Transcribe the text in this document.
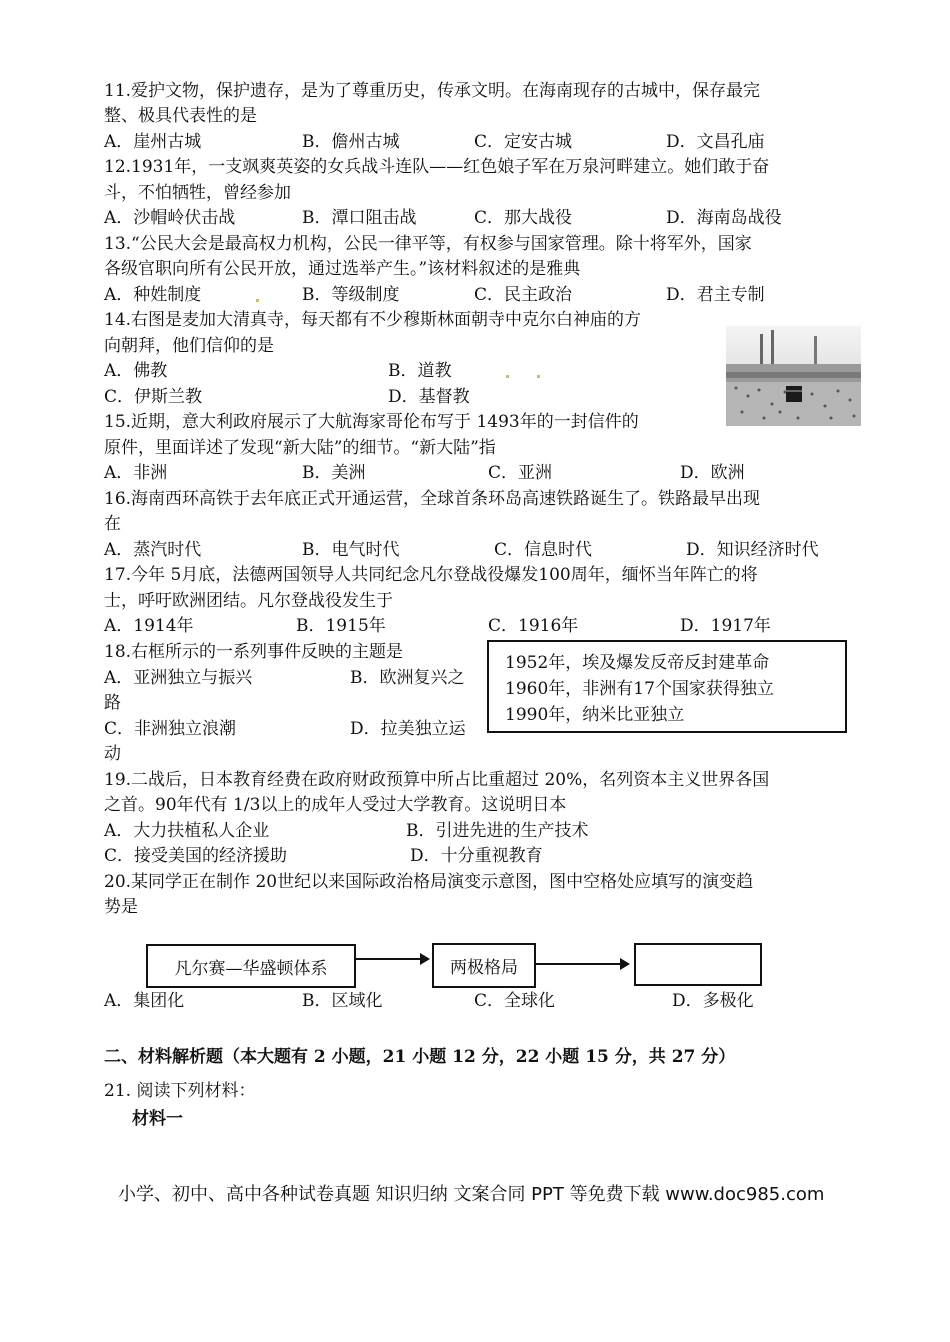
11.爱护文物，保护遗存，是为了尊重历史，传承文明。在海南现存的古城中，保存最完
整、极具代表性的是
A．崖州古城	B．儋州古城	C．定安古城	D．文昌孔庙
12.1931年，一支飒爽英姿的女兵战斗连队——红色娘子军在万泉河畔建立。她们敢于奋
斗，不怕牺牲，曾经参加
A．沙帽岭伏击战	B．潭口阻击战	C．那大战役	D．海南岛战役
13.“公民大会是最高权力机构，公民一律平等，有权参与国家管理。除十将军外，国家
各级官职向所有公民开放，通过选举产生。”该材料叙述的是雅典
A．种姓制度	B．等级制度	C．民主政治	D．君主专制
14.右图是麦加大清真寺，每天都有不少穆斯林面朝寺中克尔白神庙的方
向朝拜，他们信仰的是
A．佛教	B．道教
C．伊斯兰教	D．基督教
15.近期，意大利政府展示了大航海家哥伦布写于 1493年的一封信件的
原件，里面详述了发现“新大陆”的细节。“新大陆”指
A．非洲	B．美洲	C．亚洲	D．欧洲
16.海南西环高铁于去年底正式开通运营，全球首条环岛高速铁路诞生了。铁路最早出现
在
A．蒸汽时代	B．电气时代	C．信息时代	D．知识经济时代
17.今年 5月底，法德两国领导人共同纪念凡尔登战役爆发100周年，缅怀当年阵亡的将
士，呼吁欧洲团结。凡尔登战役发生于
A．1914年	B．1915年	C．1916年	D．1917年
18.右框所示的一系列事件反映的主题是
A．亚洲独立与振兴	B．欧洲复兴之
路
C．非洲独立浪潮	D．拉美独立运
动
1952年，埃及爆发反帝反封建革命
1960年，非洲有17个国家获得独立
1990年，纳米比亚独立
19.二战后，日本教育经费在政府财政预算中所占比重超过 20%，名列资本主义世界各国
之首。90年代有 1/3以上的成年人受过大学教育。这说明日本
A．大力扶植私人企业	B．引进先进的生产技术
C．接受美国的经济援助	D．十分重视教育
20.某同学正在制作 20世纪以来国际政治格局演变示意图，图中空格处应填写的演变趋
势是
凡尔赛—华盛顿体系	两极格局
A．集团化	B．区域化	C．全球化	D．多极化
二、材料解析题（本大题有 2 小题，21 小题 12 分，22 小题 15 分，共 27 分）
21. 阅读下列材料：
材料一
小学、初中、高中各种试卷真题 知识归纳 文案合同 PPT 等免费下载 www.doc985.com
